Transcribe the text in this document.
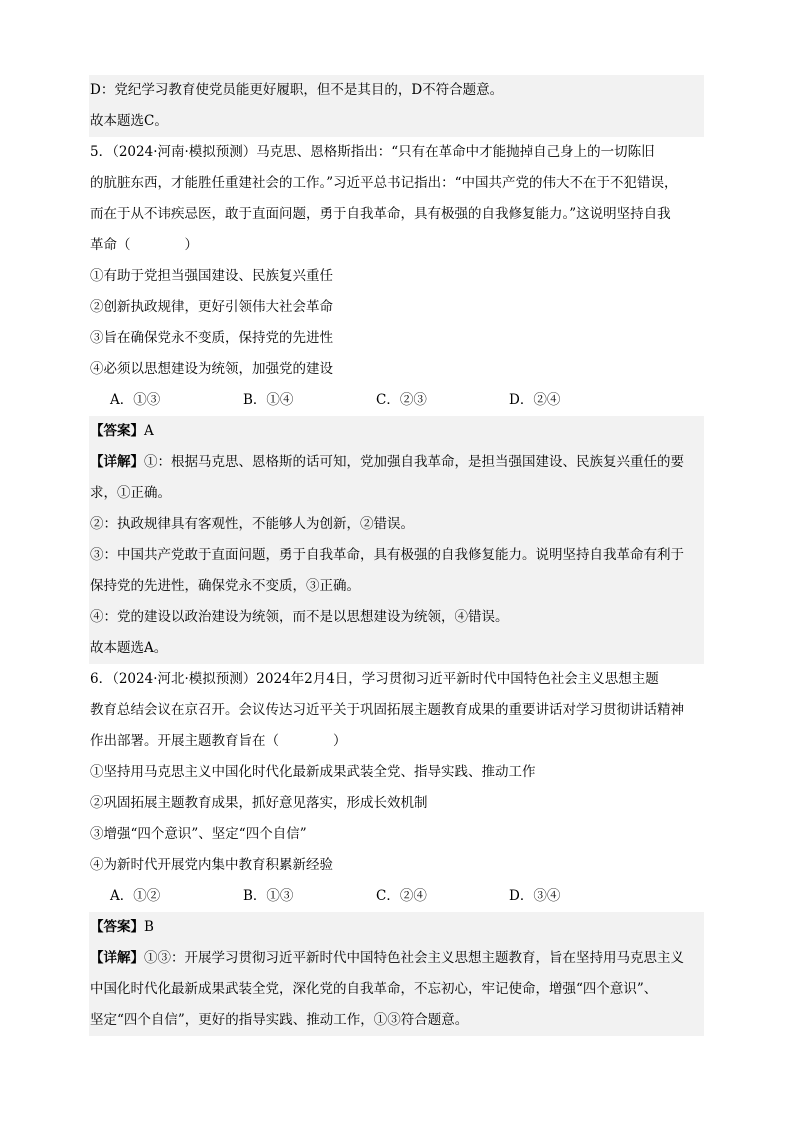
D：党纪学习教育使党员能更好履职，但不是其目的，D不符合题意。
故本题选C。
5．（2024·河南·模拟预测）马克思、恩格斯指出：“只有在革命中才能抛掉自己身上的一切陈旧
的肮脏东西，才能胜任重建社会的工作。”习近平总书记指出：“中国共产党的伟大不在于不犯错误，
而在于从不讳疾忌医，敢于直面问题，勇于自我革命，具有极强的自我修复能力。”这说明坚持自我
革命（　　　　）
①有助于党担当强国建设、民族复兴重任
②创新执政规律，更好引领伟大社会革命
③旨在确保党永不变质，保持党的先进性
④必须以思想建设为统领，加强党的建设
A．①③	B．①④	C．②③	D．②④
【答案】A
【详解】①：根据马克思、恩格斯的话可知，党加强自我革命，是担当强国建设、民族复兴重任的要
求，①正确。
②：执政规律具有客观性，不能够人为创新，②错误。
③：中国共产党敢于直面问题，勇于自我革命，具有极强的自我修复能力。说明坚持自我革命有利于
保持党的先进性，确保党永不变质，③正确。
④：党的建设以政治建设为统领，而不是以思想建设为统领，④错误。
故本题选A。
6．（2024·河北·模拟预测）2024年2月4日，学习贯彻习近平新时代中国特色社会主义思想主题
教育总结会议在京召开。会议传达习近平关于巩固拓展主题教育成果的重要讲话对学习贯彻讲话精神
作出部署。开展主题教育旨在（　　　　）
①坚持用马克思主义中国化时代化最新成果武装全党、指导实践、推动工作
②巩固拓展主题教育成果，抓好意见落实，形成长效机制
③增强“四个意识”、坚定“四个自信”
④为新时代开展党内集中教育积累新经验
A．①②	B．①③	C．②④	D．③④
【答案】B
【详解】①③：开展学习贯彻习近平新时代中国特色社会主义思想主题教育，旨在坚持用马克思主义
中国化时代化最新成果武装全党，深化党的自我革命，不忘初心，牢记使命，增强“四个意识”、
坚定“四个自信”，更好的指导实践、推动工作，①③符合题意。
